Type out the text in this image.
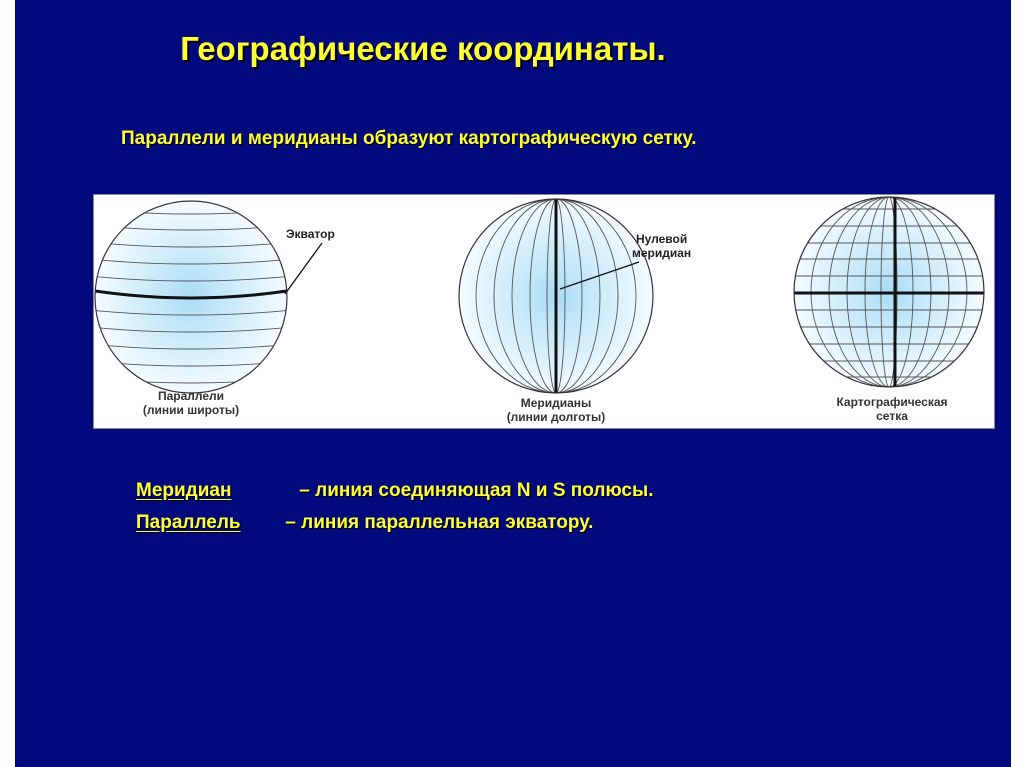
Географические координаты.
Параллели и меридианы образуют картографическую сетку.
Экватор	Нулевой
меридиан
Параллели
(линии широты)	Меридианы
(линии долготы)
Картографическая
сетка
Меридиан	– линия соединяющая N и S полюсы.
Параллель – линия параллельная экватору.
